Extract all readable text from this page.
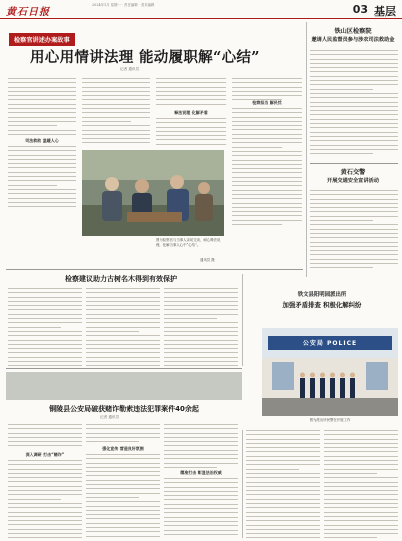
黄石日报
2024年1月 星期一 · 责任编辑 · 美术编辑	03 基层
检察官讲述办案故事
用心用情讲法理 能动履职解“心结”
记者 通讯员
司法救助 温暖人心
释法说理 化解矛盾
检察担当 解民忧
图为检察官与当事人亲切交谈，耐心释法说理，化解当事人心中“心结”。
通讯员 摄
铁山区检察院
邀请人民监督员参与涉农司法救助金
黄石交警
开展交通安全宣讲活动
检察建议助力古树名木得到有效保护
铁文县阳明园派出所
加强矛盾排查 积极化解纠纷
公安局 POLICE
图为派出所民警在开展工作
铜陵县公安局破获赌诈勒索违法犯罪案件40余起
记者 通讯员
深入调研 打击“赌诈”
强化宣传 营造良好氛围
精准打击 彰显法治权威
